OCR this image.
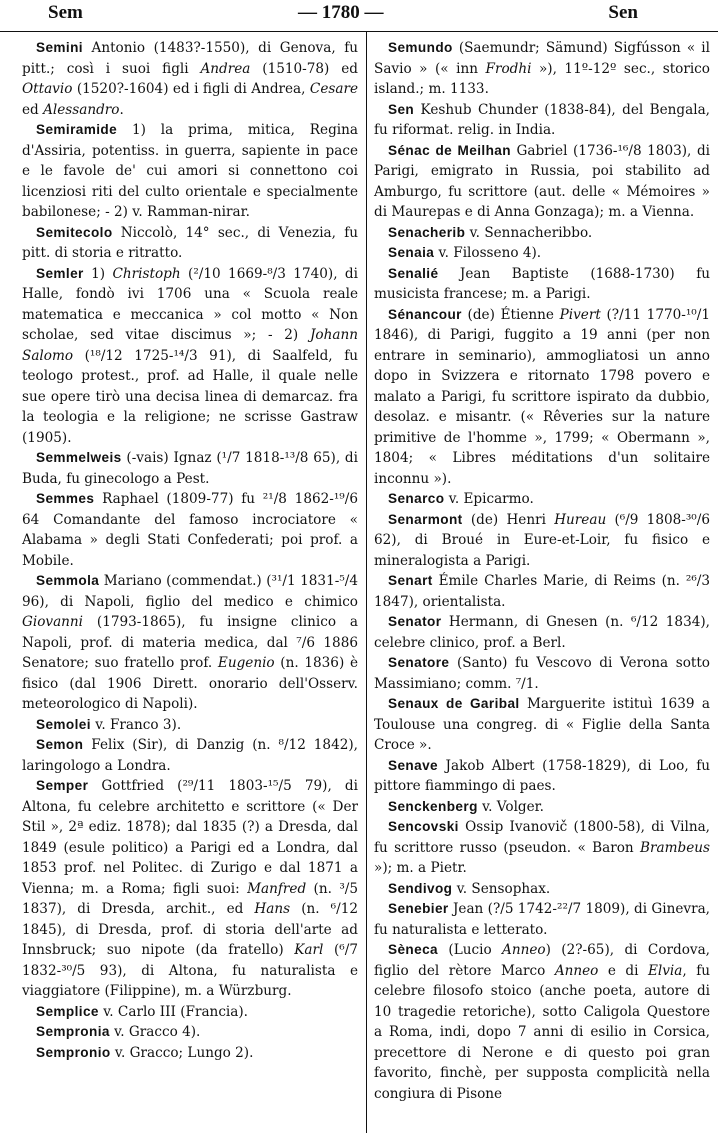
Sem	— 1780 —	Sen

Semini Antonio (1483?-1550), di Genova, fu pitt.; così i suoi figli Andrea (1510-78) ed Ottavio (1520?-1604) ed i figli di Andrea, Cesare ed Alessandro.

Semiramide 1) la prima, mitica, Regina d'Assiria, potentiss. in guerra, sapiente in pace e le favole de' cui amori si connettono coi licenziosi riti del culto orientale e specialmente babilonese; - 2) v. Ramman-nirar.

Semitecolo Niccolò, 14° sec., di Venezia, fu pitt. di storia e ritratto.

Semler 1) Christoph (²/10 1669-⁸/3 1740), di Halle, fondò ivi 1706 una « Scuola reale matematica e meccanica » col motto « Non scholae, sed vitae discimus »; - 2) Johann Salomo (¹⁸/12 1725-¹⁴/3 91), di Saalfeld, fu teologo protest., prof. ad Halle, il quale nelle sue opere tirò una decisa linea di demarcaz. fra la teologia e la religione; ne scrisse Gastraw (1905).

Semmelweis (-vais) Ignaz (¹/7 1818-¹³/8 65), di Buda, fu ginecologo a Pest.

Semmes Raphael (1809-77) fu ²¹/8 1862-¹⁹/6 64 Comandante del famoso incrociatore « Alabama » degli Stati Confederati; poi prof. a Mobile.

Semmola Mariano (commendat.) (³¹/1 1831-⁵/4 96), di Napoli, figlio del medico e chimico Giovanni (1793-1865), fu insigne clinico a Napoli, prof. di materia medica, dal ⁷/6 1886 Senatore; suo fratello prof. Eugenio (n. 1836) è fisico (dal 1906 Dirett. onorario dell'Osserv. meteorologico di Napoli).

Semolei v. Franco 3).

Semon Felix (Sir), di Danzig (n. ⁸/12 1842), laringologo a Londra.

Semper Gottfried (²⁹/11 1803-¹⁵/5 79), di Altona, fu celebre architetto e scrittore (« Der Stil », 2ª ediz. 1878); dal 1835 (?) a Dresda, dal 1849 (esule politico) a Parigi ed a Londra, dal 1853 prof. nel Politec. di Zurigo e dal 1871 a Vienna; m. a Roma; figli suoi: Manfred (n. ³/5 1837), di Dresda, archit., ed Hans (n. ⁶/12 1845), di Dresda, prof. di storia dell'arte ad Innsbruck; suo nipote (da fratello) Karl (⁶/7 1832-³⁰/5 93), di Altona, fu naturalista e viaggiatore (Filippine), m. a Würzburg.

Semplice v. Carlo III (Francia).

Sempronia v. Gracco 4).

Sempronio v. Gracco; Lungo 2).

Semundo (Saemundr; Sämund) Sigfússon « il Savio » (« inn Frodhi »), 11º-12º sec., storico island.; m. 1133.

Sen Keshub Chunder (1838-84), del Bengala, fu riformat. relig. in India.

Sénac de Meilhan Gabriel (1736-¹⁶/8 1803), di Parigi, emigrato in Russia, poi stabilito ad Amburgo, fu scrittore (aut. delle « Mémoires » di Maurepas e di Anna Gonzaga); m. a Vienna.

Senacherib v. Sennacheribbo.

Senaia v. Filosseno 4).

Senalié Jean Baptiste (1688-1730) fu musicista francese; m. a Parigi.

Sénancour (de) Étienne Pivert (?/11 1770-¹⁰/1 1846), di Parigi, fuggito a 19 anni (per non entrare in seminario), ammogliatosi un anno dopo in Svizzera e ritornato 1798 povero e malato a Parigi, fu scrittore ispirato da dubbio, desolaz. e misantr. (« Rêveries sur la nature primitive de l'homme », 1799; « Obermann », 1804; « Libres méditations d'un solitaire inconnu »).

Senarco v. Epicarmo.

Senarmont (de) Henri Hureau (⁶/9 1808-³⁰/6 62), di Broué in Eure-et-Loir, fu fisico e mineralogista a Parigi.

Senart Émile Charles Marie, di Reims (n. ²⁶/3 1847), orientalista.

Senator Hermann, di Gnesen (n. ⁶/12 1834), celebre clinico, prof. a Berl.

Senatore (Santo) fu Vescovo di Verona sotto Massimiano; comm. ⁷/1.

Senaux de Garibal Marguerite istituì 1639 a Toulouse una congreg. di « Figlie della Santa Croce ».

Senave Jakob Albert (1758-1829), di Loo, fu pittore fiammingo di paes.

Senckenberg v. Volger.

Sencovski Ossip Ivanovič (1800-58), di Vilna, fu scrittore russo (pseudon. « Baron Brambeus »); m. a Pietr.

Sendivog v. Sensophax.

Senebier Jean (?/5 1742-²²/7 1809), di Ginevra, fu naturalista e letterato.

Sèneca (Lucio Anneo) (2?-65), di Cordova, figlio del rètore Marco Anneo e di Elvia, fu celebre filosofo stoico (anche poeta, autore di 10 tragedie retoriche), sotto Caligola Questore a Roma, indi, dopo 7 anni di esilio in Corsica, precettore di Nerone e di questo poi gran favorito, finchè, per supposta complicità nella congiura di Pisone
